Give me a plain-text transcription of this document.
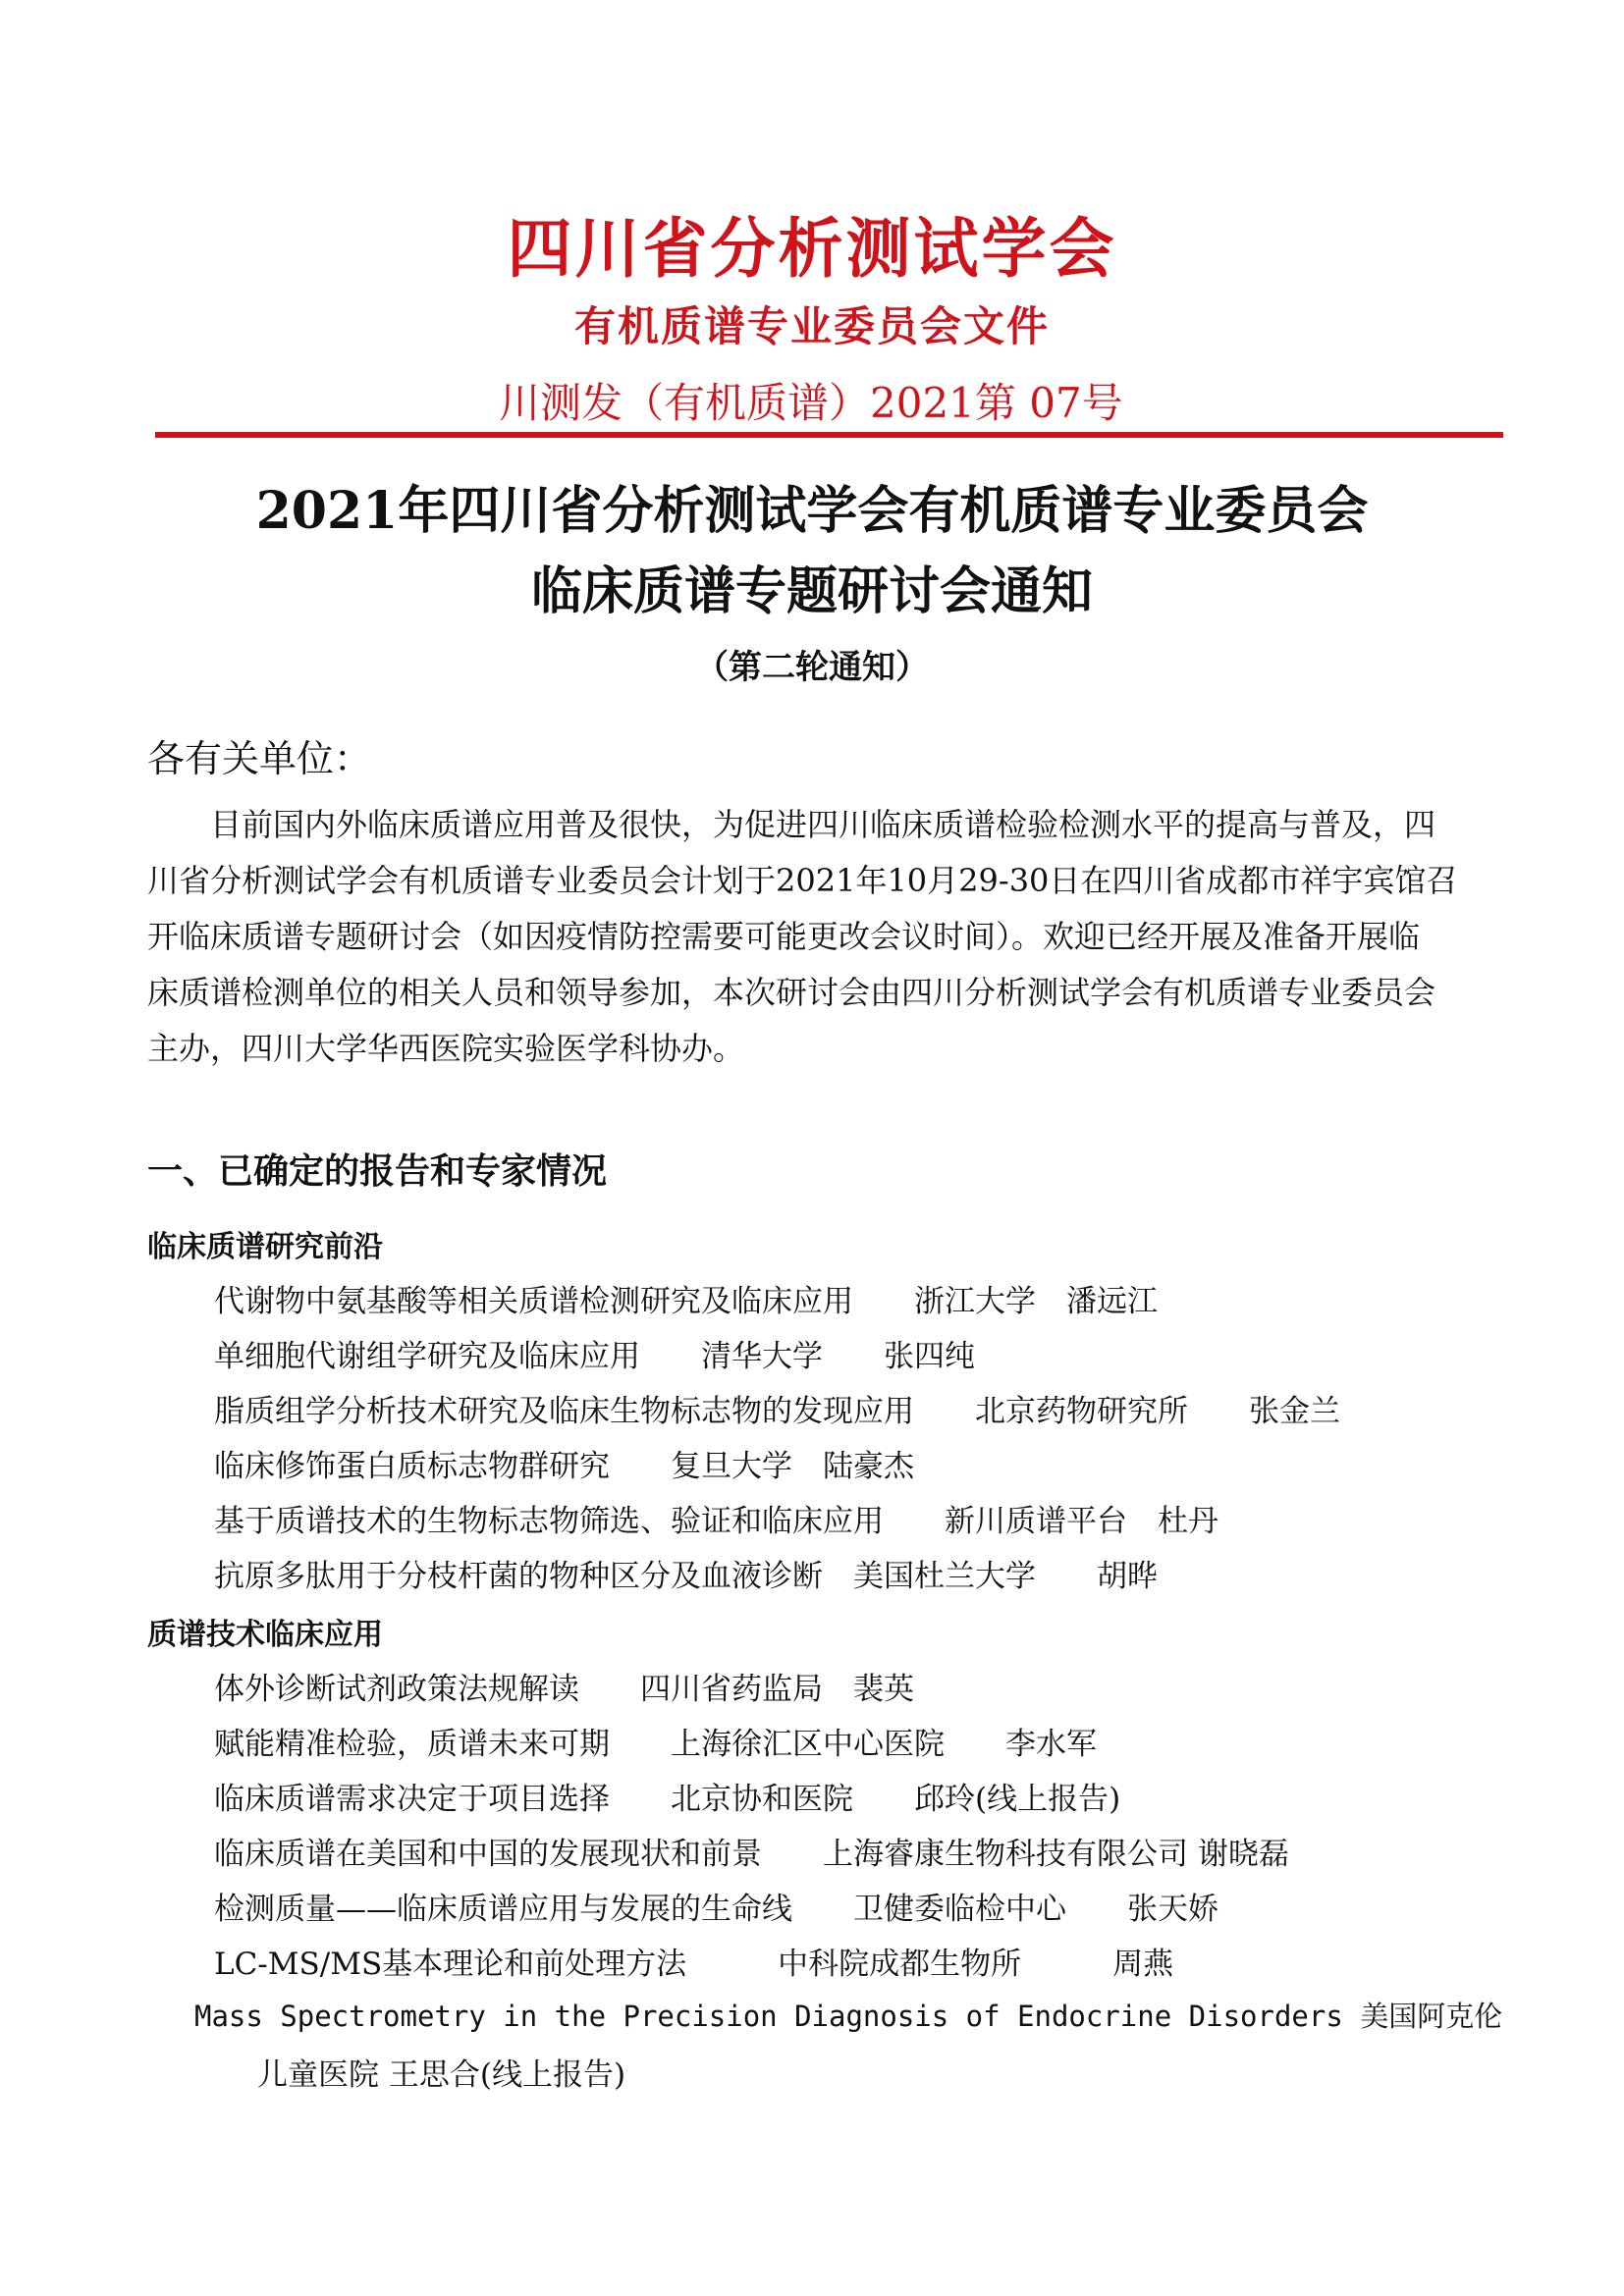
四川省分析测试学会
有机质谱专业委员会文件
川测发（有机质谱）2021第 07号
2021年四川省分析测试学会有机质谱专业委员会
临床质谱专题研讨会通知
（第二轮通知）
各有关单位：
　　目前国内外临床质谱应用普及很快，为促进四川临床质谱检验检测水平的提高与普及，四
川省分析测试学会有机质谱专业委员会计划于2021年10月29-30日在四川省成都市祥宇宾馆召
开临床质谱专题研讨会（如因疫情防控需要可能更改会议时间）。欢迎已经开展及准备开展临
床质谱检测单位的相关人员和领导参加，本次研讨会由四川分析测试学会有机质谱专业委员会
主办，四川大学华西医院实验医学科协办。
一、已确定的报告和专家情况
临床质谱研究前沿
代谢物中氨基酸等相关质谱检测研究及临床应用　　浙江大学　潘远江
单细胞代谢组学研究及临床应用　　清华大学　　张四纯
脂质组学分析技术研究及临床生物标志物的发现应用　　北京药物研究所　　张金兰
临床修饰蛋白质标志物群研究　　复旦大学　陆豪杰
基于质谱技术的生物标志物筛选、验证和临床应用　　新川质谱平台　杜丹
抗原多肽用于分枝杆菌的物种区分及血液诊断　美国杜兰大学　　胡晔
质谱技术临床应用
体外诊断试剂政策法规解读　　四川省药监局　裴英
赋能精准检验，质谱未来可期　　上海徐汇区中心医院　　李水军
临床质谱需求决定于项目选择　　北京协和医院　　邱玲(线上报告)
临床质谱在美国和中国的发展现状和前景　　上海睿康生物科技有限公司 谢晓磊
检测质量——临床质谱应用与发展的生命线　　卫健委临检中心　　张天娇
LC-MS/MS基本理论和前处理方法　　　中科院成都生物所　　　周燕
Mass Spectrometry in the Precision Diagnosis of Endocrine Disorders 美国阿克伦
儿童医院 王思合(线上报告)
